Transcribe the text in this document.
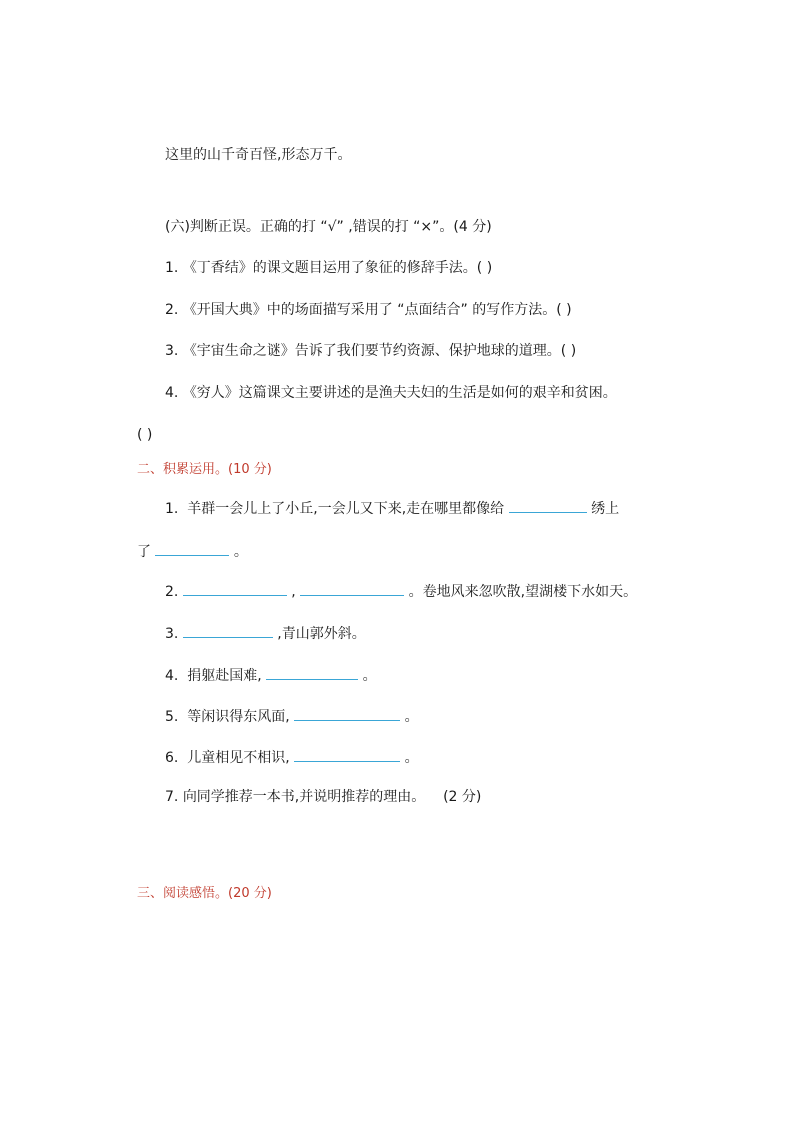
这里的山千奇百怪,形态万千。
(六)判断正误。正确的打 “√” ,错误的打 “×”。(4 分)
1. 《丁香结》的课文题目运用了象征的修辞手法。( )
2. 《开国大典》中的场面描写采用了 “点面结合” 的写作方法。( )
3. 《宇宙生命之谜》告诉了我们要节约资源、保护地球的道理。( )
4. 《穷人》这篇课文主要讲述的是渔夫夫妇的生活是如何的艰辛和贫困。
( )
二、积累运用。(10 分)
1. 羊群一会儿上了小丘,一会儿又下来,走在哪里都像给	绣上
了	。
2.	,	。卷地风来忽吹散,望湖楼下水如天。
3.	,青山郭外斜。
4. 捐躯赴国难,	。
5. 等闲识得东风面,	。
6. 儿童相见不相识,	。
7. 向同学推荐一本书,并说明推荐的理由。 (2 分)
三、阅读感悟。(20 分)
